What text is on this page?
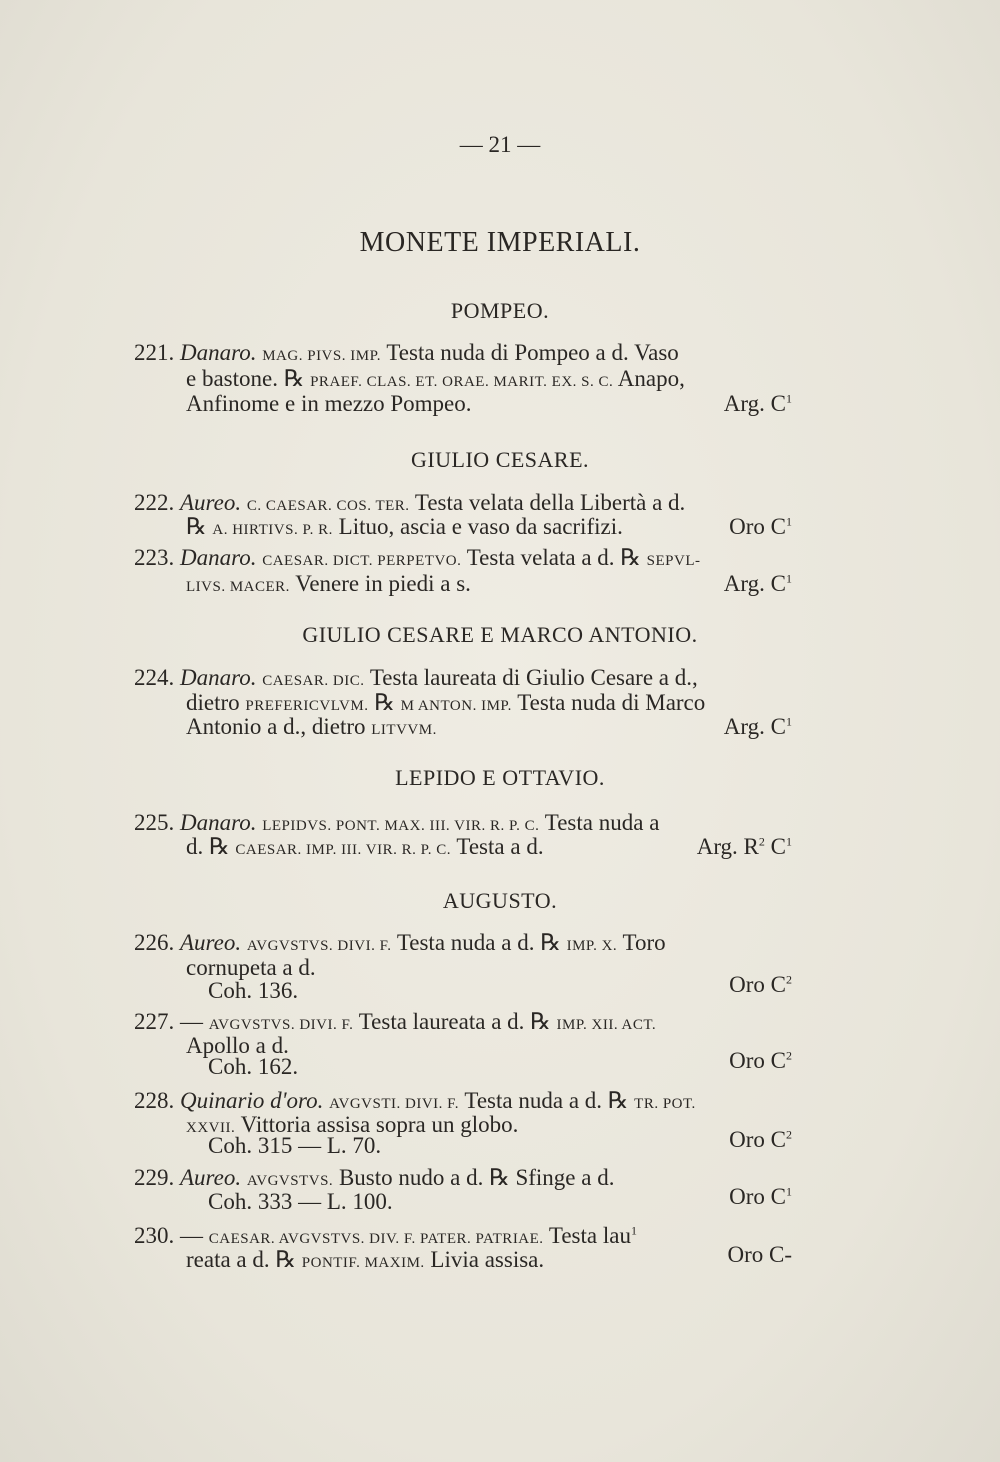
— 21 —
MONETE IMPERIALI.
POMPEO.
221. Danaro. MAG. PIVS. IMP. Testa nuda di Pompeo a d. Vaso
e bastone. ℞ PRAEF. CLAS. ET. ORAE. MARIT. EX. S. C. Anapo,
Anfinome e in mezzo Pompeo.	Arg. $C^1$
GIULIO CESARE.
222. Aureo. C. CAESAR. COS. TER. Testa velata della Libertà a d.
℞ A. HIRTIVS. P. R. Lituo, ascia e vaso da sacrifizi.	Oro $C^1$
223. Danaro. CAESAR. DICT. PERPETVO. Testa velata a d. ℞ SEPVL-
LIVS. MACER. Venere in piedi a s.	Arg. $C^1$
GIULIO CESARE E MARCO ANTONIO.
224. Danaro. CAESAR. DIC. Testa laureata di Giulio Cesare a d.,
dietro PREFERICVLVM. ℞ M ANTON. IMP. Testa nuda di Marco
Antonio a d., dietro LITVVM.	Arg. $C^1$
LEPIDO E OTTAVIO.
225. Danaro. LEPIDVS. PONT. MAX. III. VIR. R. P. C. Testa nuda a
d. ℞ CAESAR. IMP. III. VIR. R. P. C. Testa a d.	Arg. $R^2$ $C^1$
AUGUSTO.
226. Aureo. AVGVSTVS. DIVI. F. Testa nuda a d. ℞ IMP. X. Toro
cornupeta a d.
Coh. 136.	Oro $C^2$
227. — AVGVSTVS. DIVI. F. Testa laureata a d. ℞ IMP. XII. ACT.
Apollo a d.
Coh. 162.	Oro $C^2$
228. Quinario d'oro. AVGVSTI. DIVI. F. Testa nuda a d. ℞ TR. POT.
XXVII. Vittoria assisa sopra un globo.
Coh. 315 — L. 70.	Oro $C^2$
229. Aureo. AVGVSTVS. Busto nudo a d. ℞ Sfinge a d.
Coh. 333 — L. 100.	Oro $C^1$
230. — CAESAR. AVGVSTVS. DIV. F. PATER. PATRIAE. Testa lau$^1$
reata a d. ℞ PONTIF. MAXIM. Livia assisa.	Oro C-
